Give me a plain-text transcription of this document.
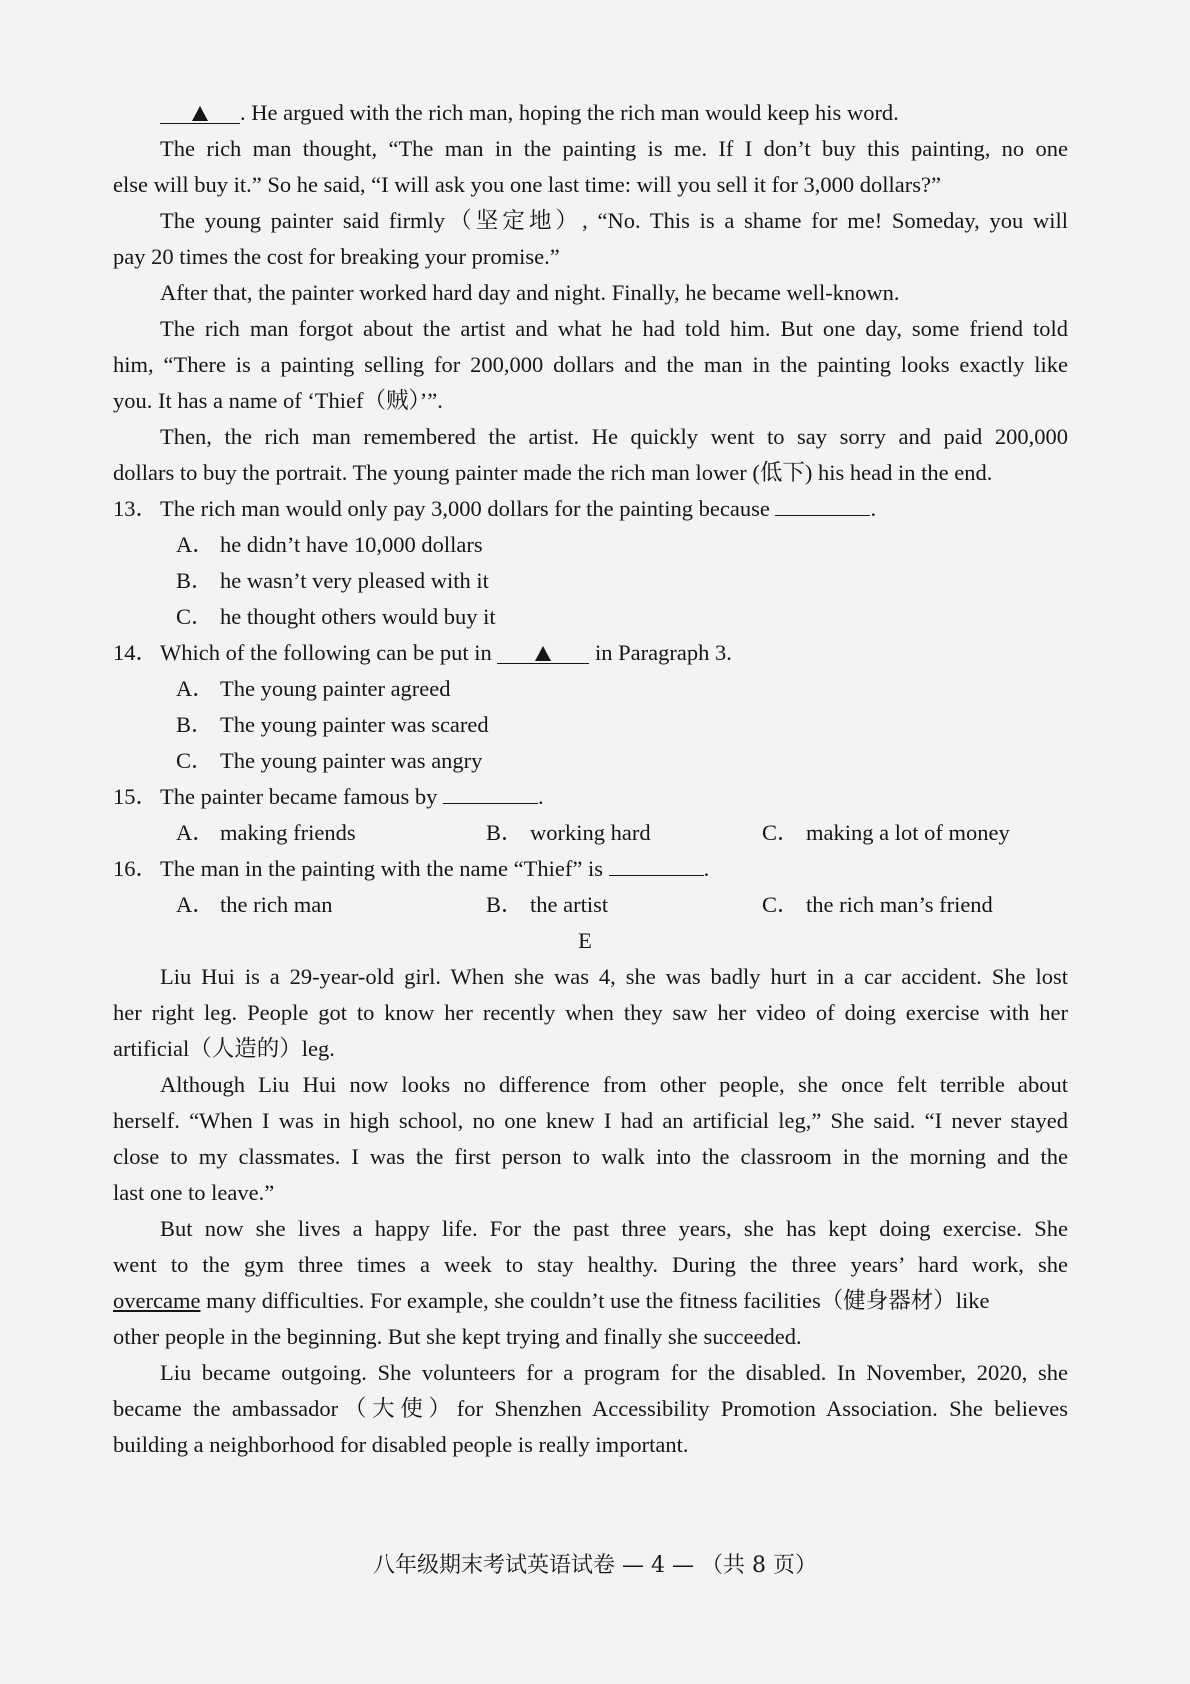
. He argued with the rich man, hoping the rich man would keep his word.
The rich man thought, “The man in the painting is me. If I don’t buy this painting, no one
else will buy it.” So he said, “I will ask you one last time: will you sell it for 3,000 dollars?”
The young painter said firmly（坚定地）, “No. This is a shame for me! Someday, you will
pay 20 times the cost for breaking your promise.”
After that, the painter worked hard day and night. Finally, he became well-known.
The rich man forgot about the artist and what he had told him. But one day, some friend told
him, “There is a painting selling for 200,000 dollars and the man in the painting looks exactly like
you. It has a name of ‘Thief（贼）’”.
Then, the rich man remembered the artist. He quickly went to say sorry and paid 200,000
dollars to buy the portrait. The young painter made the rich man lower (低下) his head in the end.
13．The rich man would only pay 3,000 dollars for the painting because	.
A． he didn’t have 10,000 dollars
B． he wasn’t very pleased with it
C． he thought others would buy it
14．Which of the following can be put in	in Paragraph 3.
A． The young painter agreed
B． The young painter was scared
C． The young painter was angry
15．The painter became famous by	.
A． making friends	B． working hard	C． making a lot of money
16．The man in the painting with the name “Thief” is	.
A． the rich man	B． the artist	C． the rich man’s friend
E
Liu Hui is a 29-year-old girl. When she was 4, she was badly hurt in a car accident. She lost
her right leg. People got to know her recently when they saw her video of doing exercise with her
artificial（人造的）leg.
Although Liu Hui now looks no difference from other people, she once felt terrible about
herself. “When I was in high school, no one knew I had an artificial leg,” She said. “I never stayed
close to my classmates. I was the first person to walk into the classroom in the morning and the
last one to leave.”
But now she lives a happy life. For the past three years, she has kept doing exercise. She
went to the gym three times a week to stay healthy. During the three years’ hard work, she
overcame many difficulties. For example, she couldn’t use the fitness facilities（健身器材）like
other people in the beginning. But she kept trying and finally she succeeded.
Liu became outgoing. She volunteers for a program for the disabled. In November, 2020, she
became the ambassador（大使）for Shenzhen Accessibility Promotion Association. She believes
building a neighborhood for disabled people is really important.
八年级期末考试英语试卷 — 4 — （共 8 页）
